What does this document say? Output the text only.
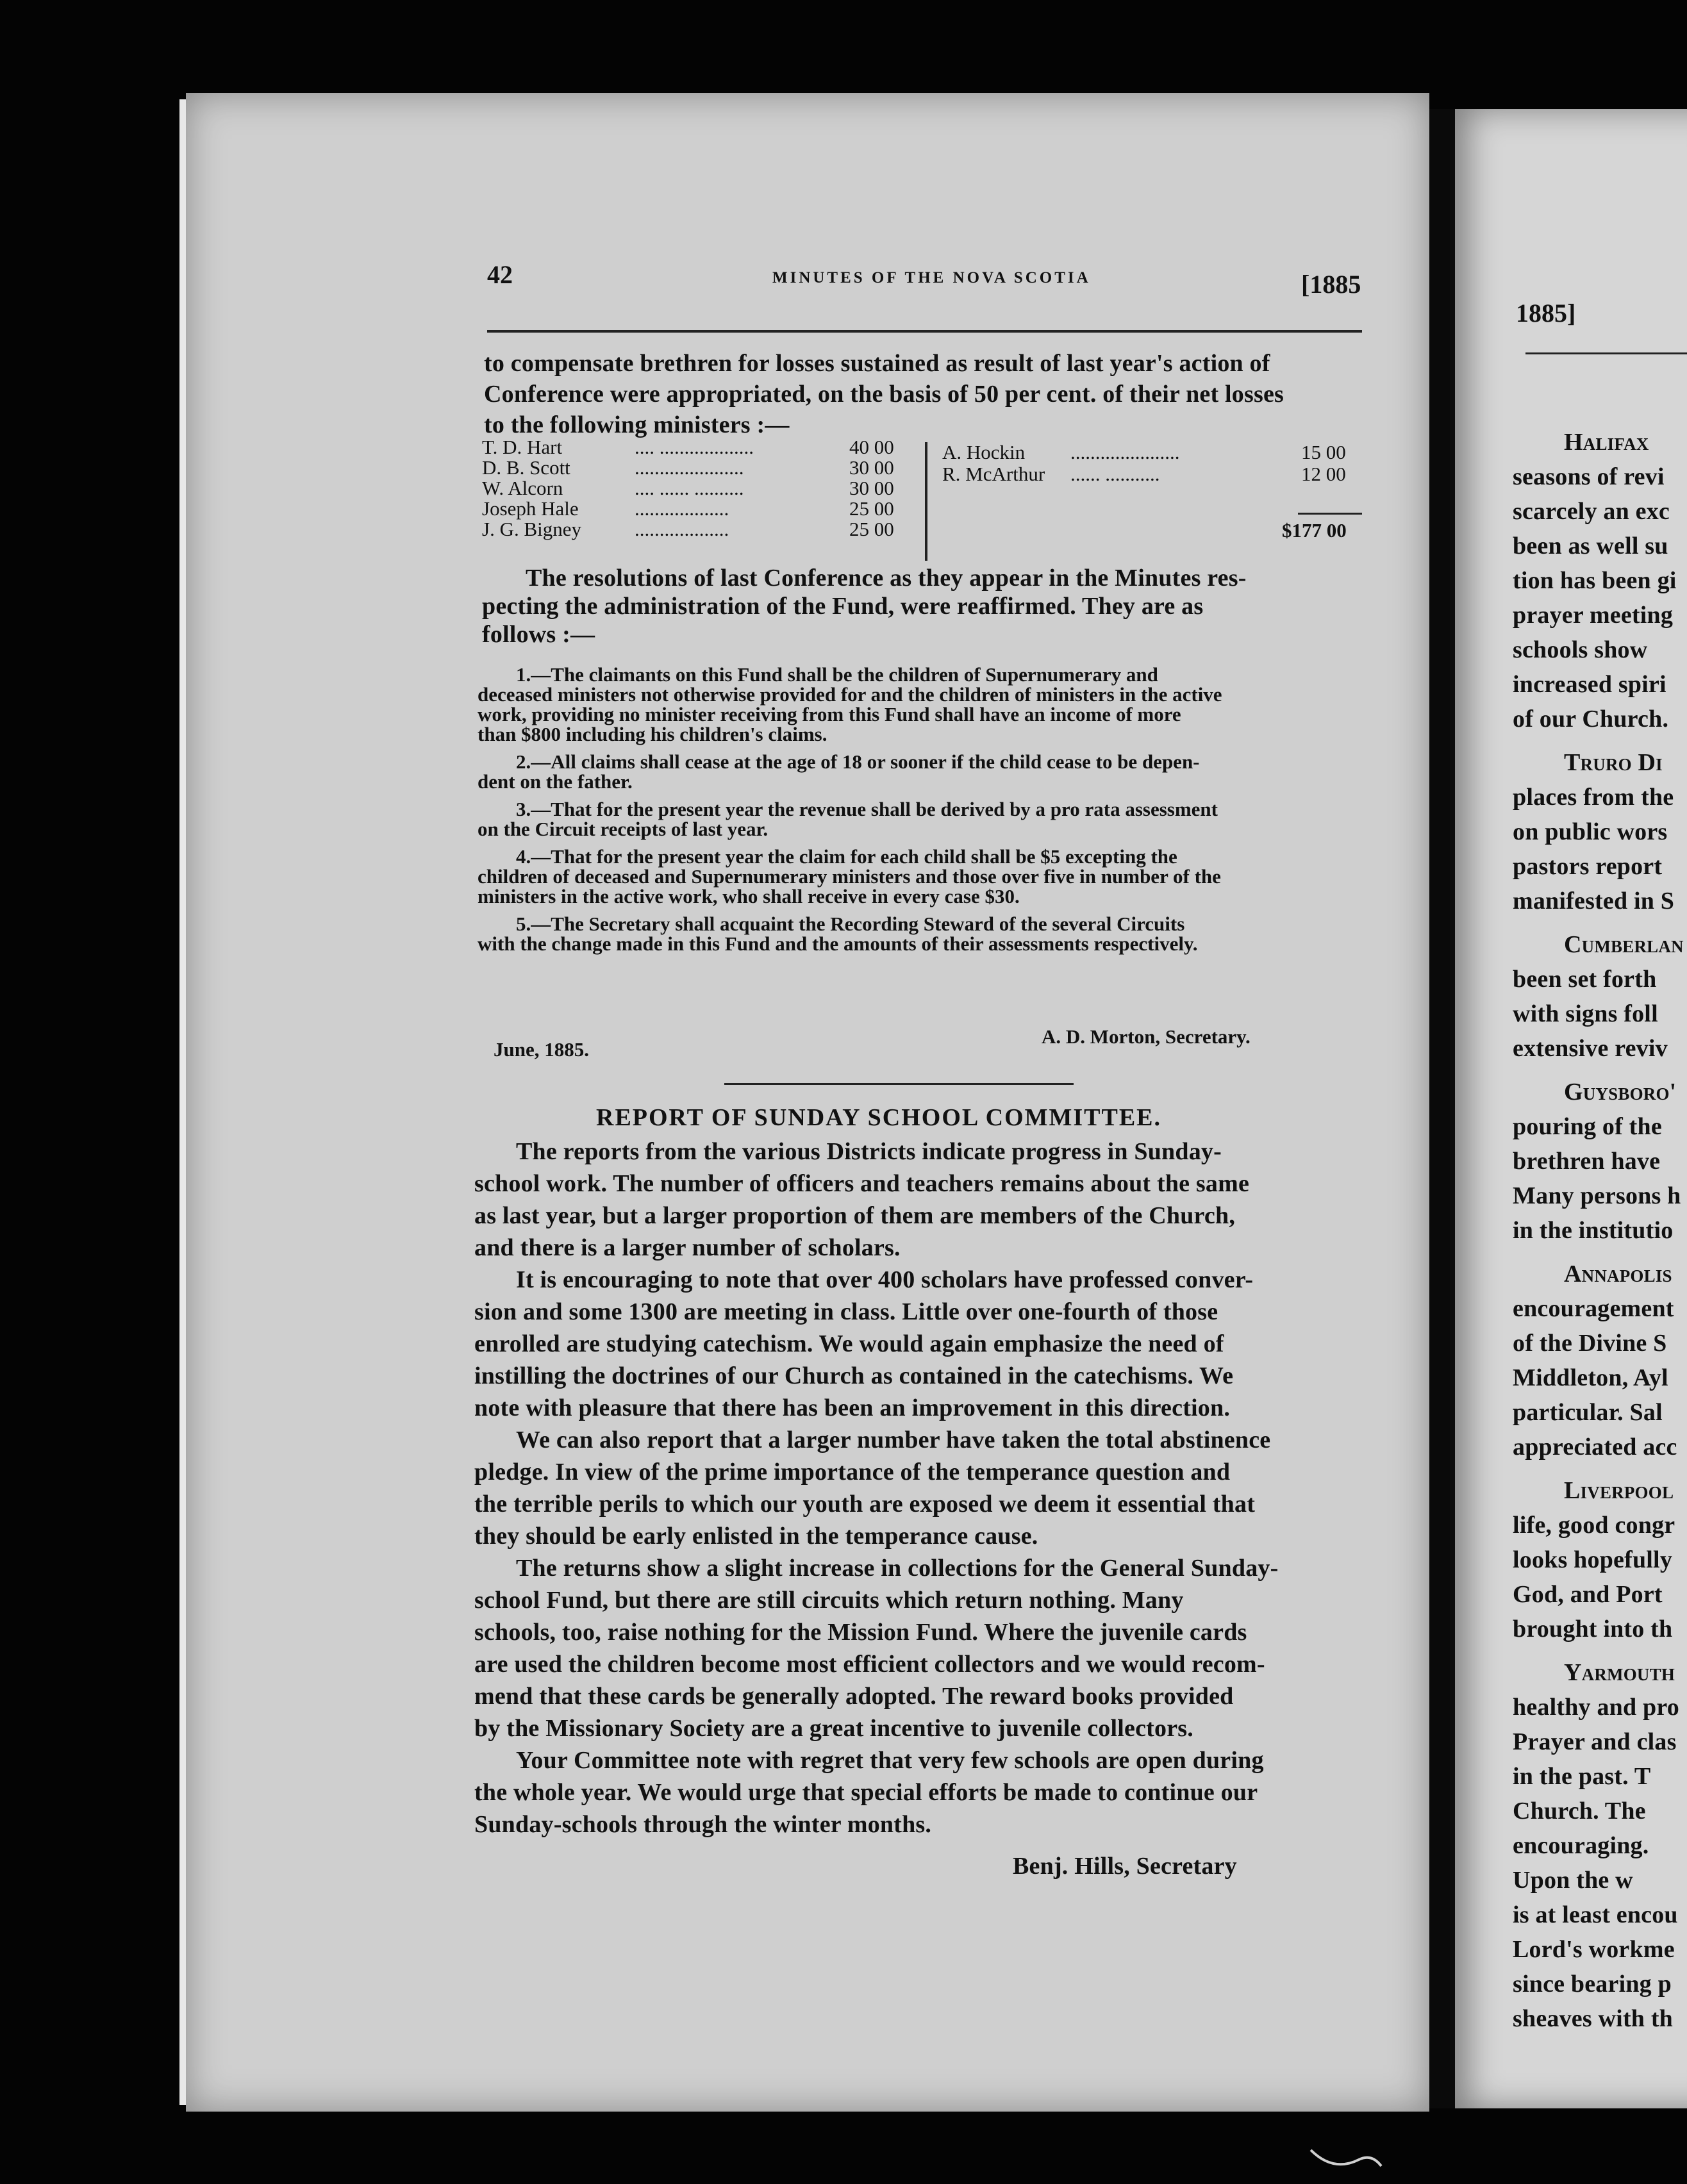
42	MINUTES OF THE NOVA SCOTIA	[1885
to compensate brethren for losses sustained as result of last year's action of
Conference were appropriated, on the basis of 50 per cent. of their net losses
to the following ministers :—
T. D. Hart	.... ...................	40 00
D. B. Scott	......................	30 00
W. Alcorn	.... ...... ..........	30 00
Joseph Hale	...................	25 00
J. G. Bigney	...................	25 00
A. Hockin ......................	15 00
R. McArthur ...... ...........	12 00
$177 00
The resolutions of last Conference as they appear in the Minutes res-
pecting the administration of the Fund, were reaffirmed. They are as
follows :—
1.—The claimants on this Fund shall be the children of Supernumerary and
deceased ministers not otherwise provided for and the children of ministers in the active
work, providing no minister receiving from this Fund shall have an income of more
than $800 including his children's claims.
2.—All claims shall cease at the age of 18 or sooner if the child cease to be depen-
dent on the father.
3.—That for the present year the revenue shall be derived by a pro rata assessment
on the Circuit receipts of last year.
4.—That for the present year the claim for each child shall be $5 excepting the
children of deceased and Supernumerary ministers and those over five in number of the
ministers in the active work, who shall receive in every case $30.
5.—The Secretary shall acquaint the Recording Steward of the several Circuits
with the change made in this Fund and the amounts of their assessments respectively.
A. D. Morton, Secretary.
June, 1885.
REPORT OF SUNDAY SCHOOL COMMITTEE.
The reports from the various Districts indicate progress in Sunday-
school work. The number of officers and teachers remains about the same
as last year, but a larger proportion of them are members of the Church,
and there is a larger number of scholars.
It is encouraging to note that over 400 scholars have professed conver-
sion and some 1300 are meeting in class. Little over one-fourth of those
enrolled are studying catechism. We would again emphasize the need of
instilling the doctrines of our Church as contained in the catechisms. We
note with pleasure that there has been an improvement in this direction.
We can also report that a larger number have taken the total abstinence
pledge. In view of the prime importance of the temperance question and
the terrible perils to which our youth are exposed we deem it essential that
they should be early enlisted in the temperance cause.
The returns show a slight increase in collections for the General Sunday-
school Fund, but there are still circuits which return nothing. Many
schools, too, raise nothing for the Mission Fund. Where the juvenile cards
are used the children become most efficient collectors and we would recom-
mend that these cards be generally adopted. The reward books provided
by the Missionary Society are a great incentive to juvenile collectors.
Your Committee note with regret that very few schools are open during
the whole year. We would urge that special efforts be made to continue our
Sunday-schools through the winter months.
Benj. Hills, Secretary
Halifax
seasons of revi
scarcely an exc
been as well su
tion has been gi
prayer meeting
schools show
increased spiri
of our Church.
Truro Di
places from the
on public wors
pastors report
manifested in S
Cumberlan
been set forth
with signs foll
extensive reviv
Guysboro'
pouring of the
brethren have
Many persons h
in the institutio
Annapolis
encouragement
of the Divine S
Middleton, Ayl
particular. Sal
appreciated acc
Liverpool
life, good congr
looks hopefully
God, and Port
brought into th
Yarmouth
healthy and pro
Prayer and clas
in the past. T
Church. The
encouraging.
Upon the w
is at least encou
Lord's workme
since bearing p
sheaves with th
1885]
